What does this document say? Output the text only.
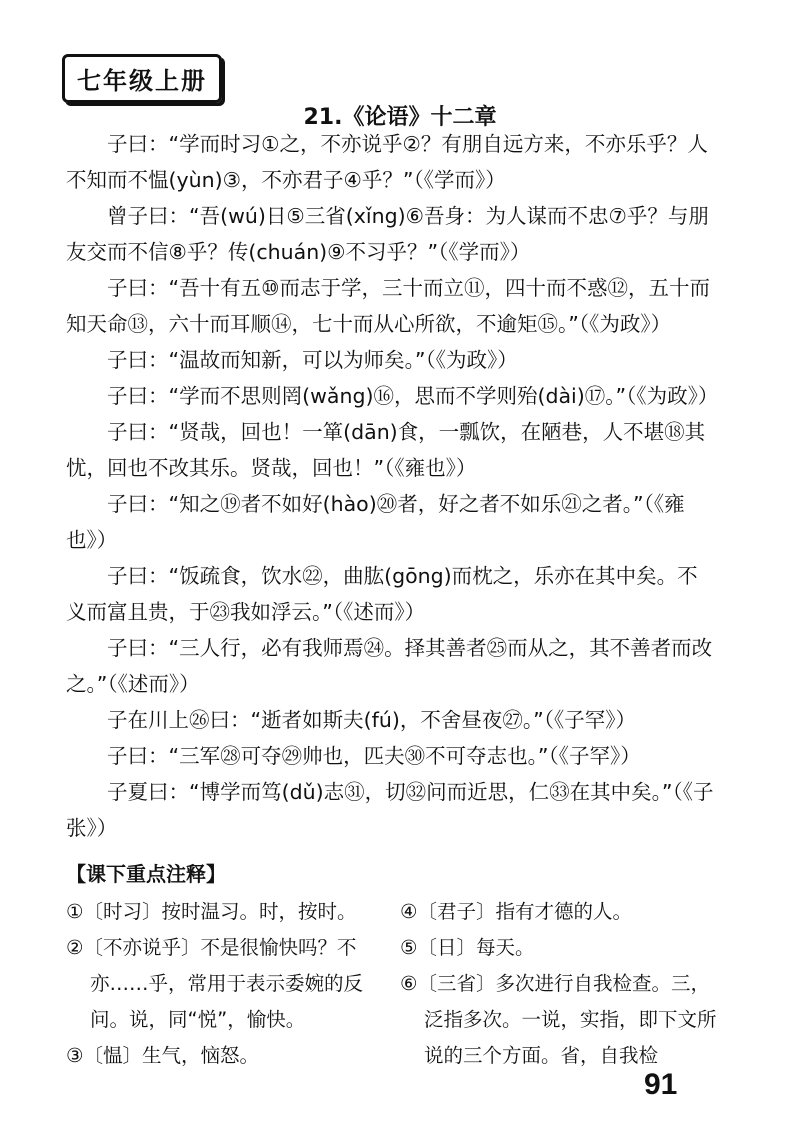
七年级上册
21.《论语》十二章

子曰：“学而时习①之，不亦说乎②？有朋自远方来，不亦乐乎？人不知而不愠(yùn)③，不亦君子④乎？”（《学而》）

曾子曰：“吾(wú)日⑤三省(xǐng)⑥吾身：为人谋而不忠⑦乎？与朋友交而不信⑧乎？传(chuán)⑨不习乎？”（《学而》）

子曰：“吾十有五⑩而志于学，三十而立⑪，四十而不惑⑫，五十而知天命⑬，六十而耳顺⑭，七十而从心所欲，不逾矩⑮。”（《为政》）

子曰：“温故而知新，可以为师矣。”（《为政》）

子曰：“学而不思则罔(wǎng)⑯，思而不学则殆(dài)⑰。”（《为政》）

子曰：“贤哉，回也！一箪(dān)食，一瓢饮，在陋巷，人不堪⑱其忧，回也不改其乐。贤哉，回也！”（《雍也》）

子曰：“知之⑲者不如好(hào)⑳者，好之者不如乐㉑之者。”（《雍也》）

子曰：“饭疏食，饮水㉒，曲肱(gōng)而枕之，乐亦在其中矣。不义而富且贵，于㉓我如浮云。”（《述而》）

子曰：“三人行，必有我师焉㉔。择其善者㉕而从之，其不善者而改之。”（《述而》）

子在川上㉖曰：“逝者如斯夫(fú)，不舍昼夜㉗。”（《子罕》）

子曰：“三军㉘可夺㉙帅也，匹夫㉚不可夺志也。”（《子罕》）

子夏曰：“博学而笃(dǔ)志㉛，切㉜问而近思，仁㉝在其中矣。”（《子张》）

【课下重点注释】

①〔时习〕按时温习。时，按时。

②〔不亦说乎〕不是很愉快吗？不亦……乎，常用于表示委婉的反问。说，同“悦”，愉快。

③〔愠〕生气，恼怒。

④〔君子〕指有才德的人。

⑤〔日〕每天。

⑥〔三省〕多次进行自我检查。三，泛指多次。一说，实指，即下文所说的三个方面。省，自我检

91
